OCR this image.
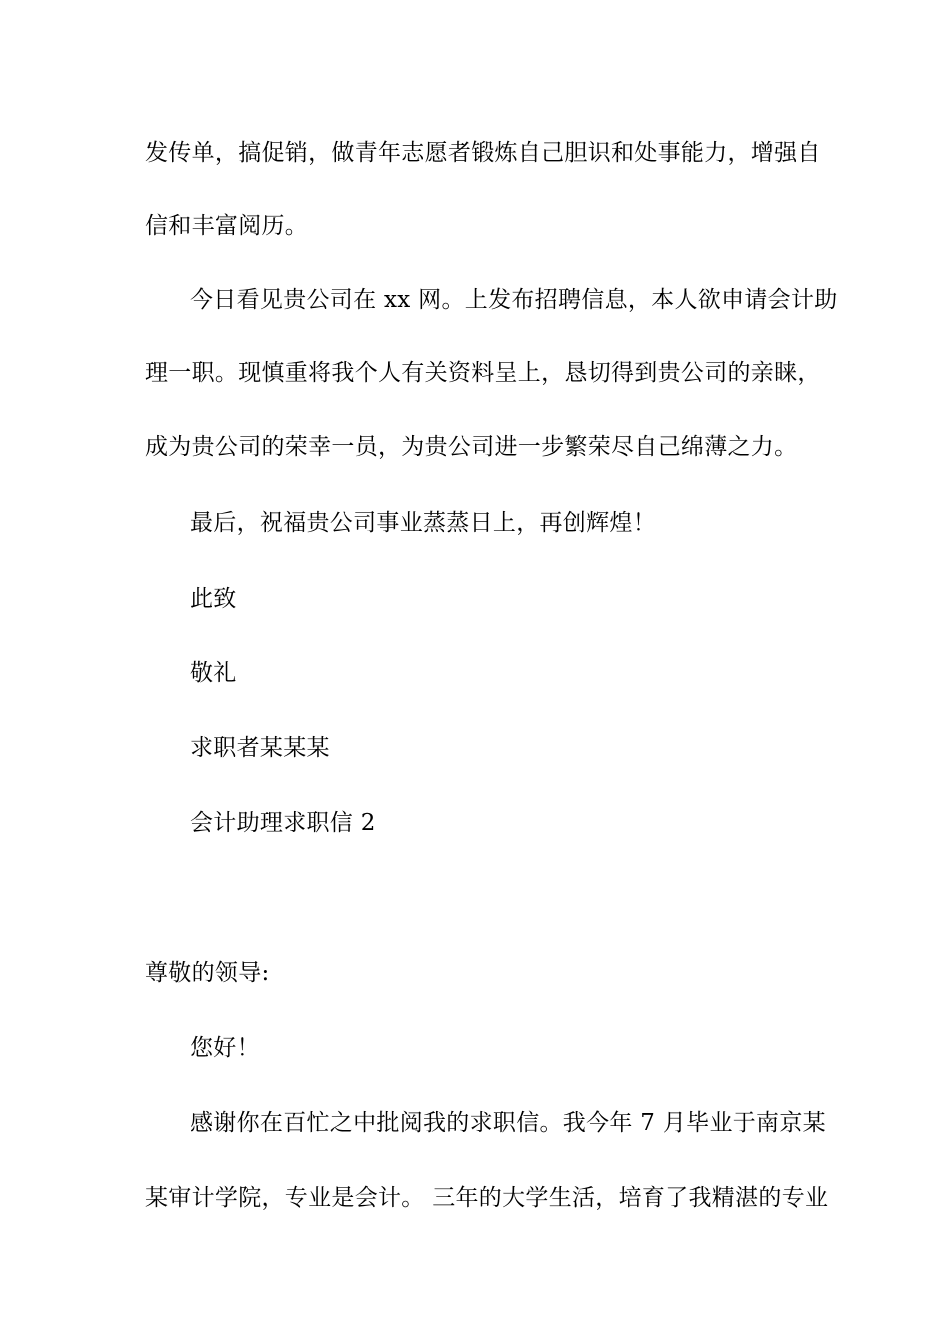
发传单，搞促销，做青年志愿者锻炼自己胆识和处事能力，增强自
信和丰富阅历。
今日看见贵公司在 xx 网。上发布招聘信息，本人欲申请会计助
理一职。现慎重将我个人有关资料呈上，恳切得到贵公司的亲睐，
成为贵公司的荣幸一员，为贵公司进一步繁荣尽自己绵薄之力。
最后，祝福贵公司事业蒸蒸日上，再创辉煌！
此致
敬礼
求职者某某某
会计助理求职信 2
尊敬的领导:
您好！
感谢你在百忙之中批阅我的求职信。我今年 7 月毕业于南京某
某审计学院，专业是会计。 三年的大学生活，培育了我精湛的专业
